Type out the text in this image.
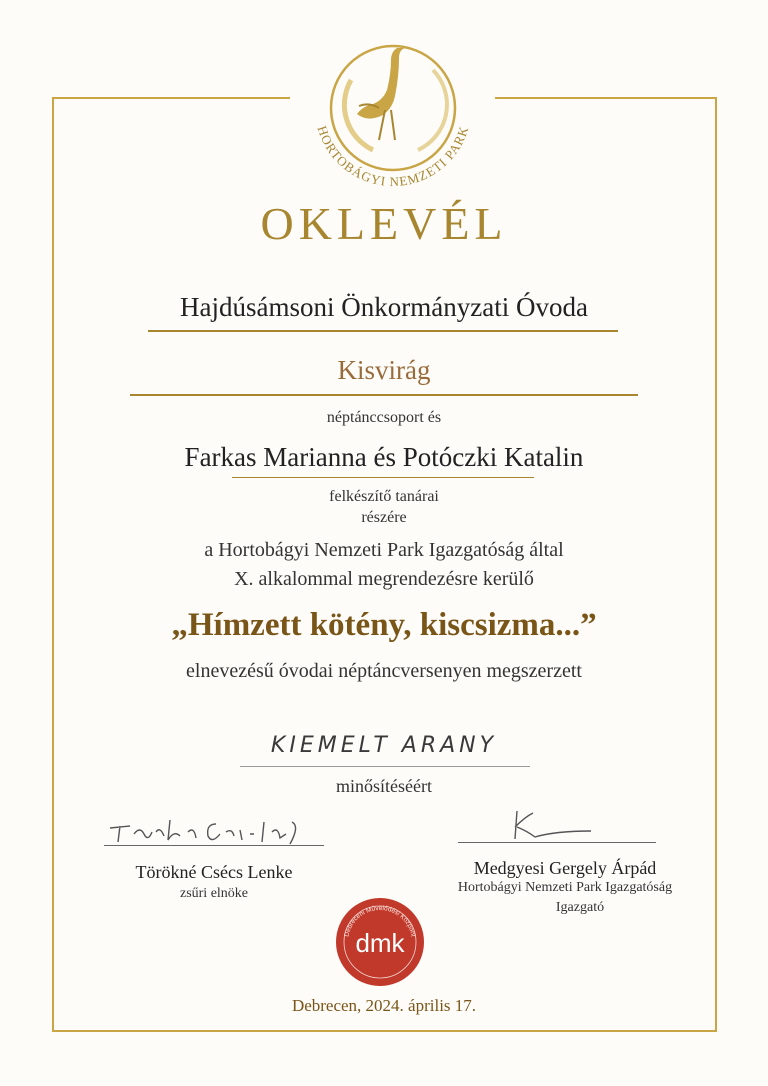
HORTOBÁGYI NEMZETI PARK
OKLEVÉL
Hajdúsámsoni Önkormányzati Óvoda
Kisvirág
néptánccsoport és
Farkas Marianna és Potóczki Katalin
felkészítő tanárai
részére
a Hortobágyi Nemzeti Park Igazgatóság által
X. alkalommal megrendezésre kerülő
„Hímzett kötény, kiscsizma...”
elnevezésű óvodai néptáncversenyen megszerzett
KIEMELT ARANY
minősítéséért
Törökné Csécs Lenke
zsűri elnöke
Medgyesi Gergely Árpád
Hortobágyi Nemzeti Park Igazgatóság
Igazgató
dmk
Debreceni Művelődési Központ
Debrecen, 2024. április 17.
